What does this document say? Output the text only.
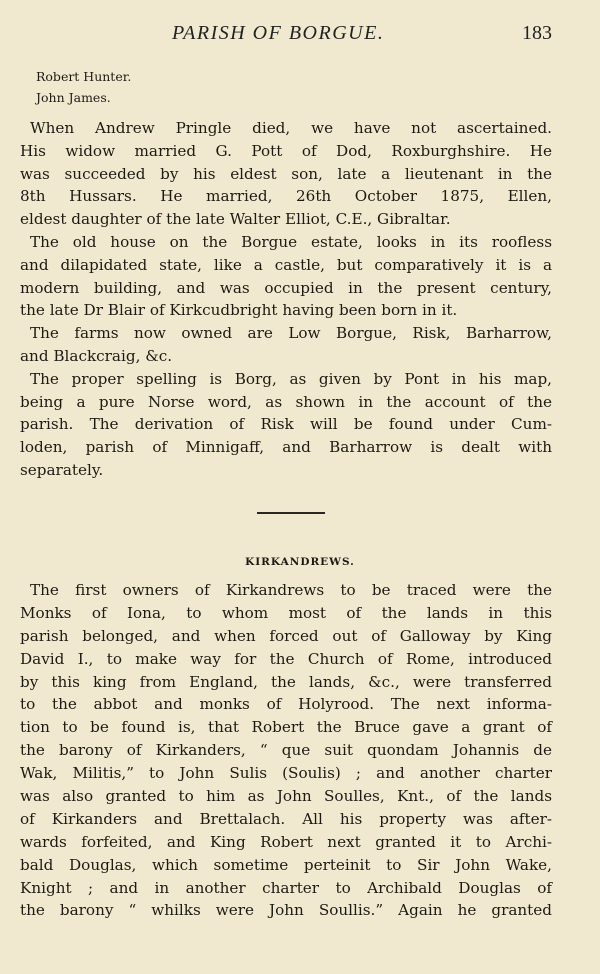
PARISH OF BORGUE.	183
Robert Hunter.
John James.
When Andrew Pringle died, we have not ascertained.
His widow married G. Pott of Dod, Roxburghshire. He
was succeeded by his eldest son, late a lieutenant in the
8th Hussars. He married, 26th October 1875, Ellen,
eldest daughter of the late Walter Elliot, C.E., Gibraltar.
The old house on the Borgue estate, looks in its roofless
and dilapidated state, like a castle, but comparatively it is a
modern building, and was occupied in the present century,
the late Dr Blair of Kirkcudbright having been born in it.
The farms now owned are Low Borgue, Risk, Barharrow,
and Blackcraig, &c.
The proper spelling is Borg, as given by Pont in his map,
being a pure Norse word, as shown in the account of the
parish. The derivation of Risk will be found under Cum-
loden, parish of Minnigaff, and Barharrow is dealt with
separately.
KIRKANDREWS.
The first owners of Kirkandrews to be traced were the
Monks of Iona, to whom most of the lands in this
parish belonged, and when forced out of Galloway by King
David I., to make way for the Church of Rome, introduced
by this king from England, the lands, &c., were transferred
to the abbot and monks of Holyrood. The next informa-
tion to be found is, that Robert the Bruce gave a grant of
the barony of Kirkanders, “ que suit quondam Johannis de
Wak, Militis,” to John Sulis (Soulis) ; and another charter
was also granted to him as John Soulles, Knt., of the lands
of Kirkanders and Brettalach. All his property was after-
wards forfeited, and King Robert next granted it to Archi-
bald Douglas, which sometime perteinit to Sir John Wake,
Knight ; and in another charter to Archibald Douglas of
the barony “ whilks were John Soullis.” Again he granted
